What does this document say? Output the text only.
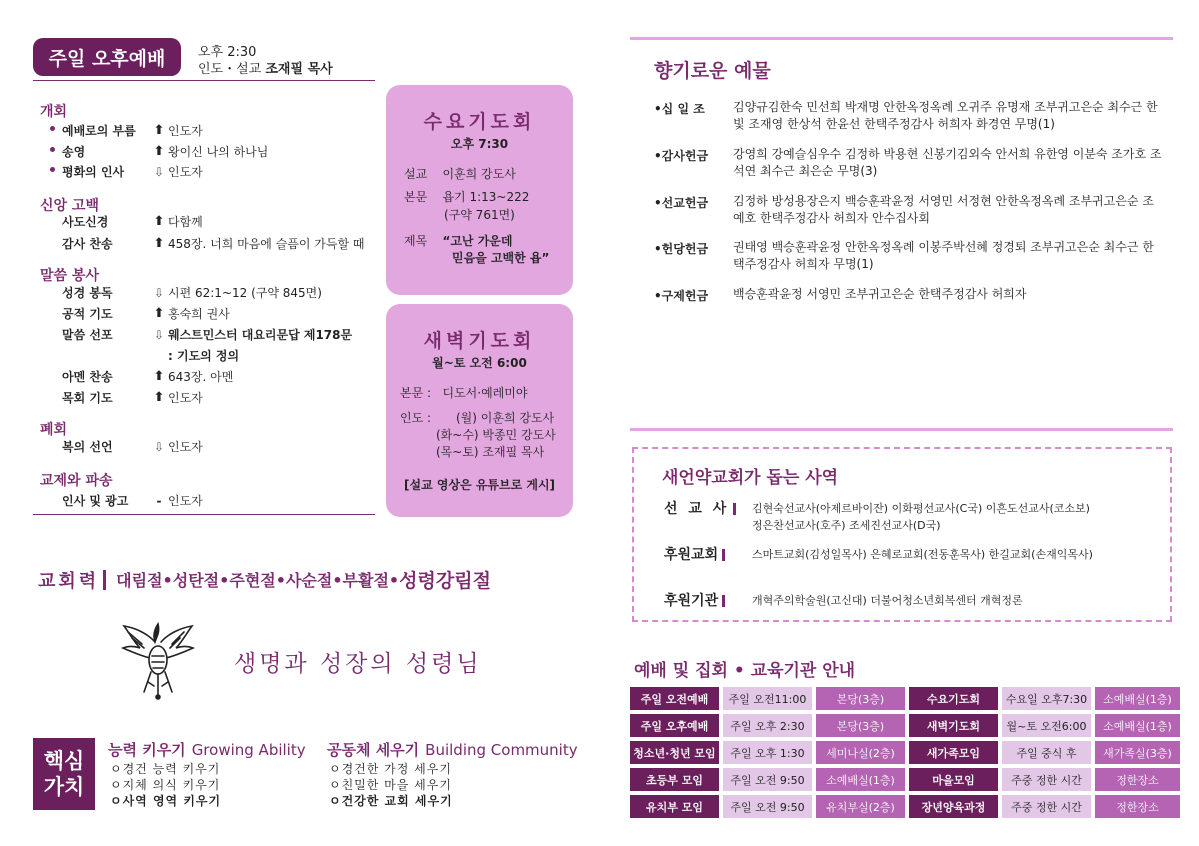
주일 오후예배	오후 2:30
인도・설교 조재필 목사
개회
예배로의 부름	⬆ 인도자
송영	⬆ 왕이신 나의 하나님
평화의 인사	⇩ 인도자
신앙 고백
사도신경	⬆ 다함께
감사 찬송	⬆ 458장. 너희 마음에 슬픔이 가득할 때
말씀 봉사
성경 봉독	⇩ 시편 62:1~12 (구약 845면)
공적 기도	⬆ 홍숙희 권사
말씀 선포	⇩ 웨스트민스터 대요리문답 제178문
: 기도의 정의
아멘 찬송	⬆ 643장. 아멘
목회 기도	⬆ 인도자
폐회
복의 선언	⇩ 인도자
교제와 파송
인사 및 광고	- 인도자
수요기도회
오후 7:30
설교 이훈희 강도사
본문 욥기 1:13~222
(구약 761면)
제목 “고난 가운데
믿음을 고백한 욥”
새벽기도회
월~토 오전 6:00
본문 : 디도서·예레미야
인도 : (월) 이훈희 강도사
(화~수) 박종민 강도사
(목~토) 조재필 목사
[설교 영상은 유튜브로 게시]
교회력 대림절•성탄절•주현절•사순절•부활절• 성령강림절
생명과 성장의 성령님
핵심
가치
능력 키우기 Growing Ability
ㅇ경건 능력 키우기
ㅇ지체 의식 키우기
ㅇ사역 영역 키우기
공동체 세우기 Building Community
ㅇ경건한 가정 세우기
ㅇ친밀한 마을 세우기
ㅇ건강한 교회 세우기
향기로운 예물
•십 일 조 김양규김한숙 민선희 박재명 안한옥정옥례 오귀주 유명재 조부귀고은순 최수근 한빛 조재영 한상석 한윤선 한택주정감사 허희자 화경연 무명(1)
•감사헌금 강영희 강예슬심우수 김정하 박용현 신봉기김외숙 안서희 유한영 이분숙 조가호 조석연 최수근 최은순 무명(3)
•선교헌금 김정하 방성용장은지 백승훈곽윤정 서영민 서정현 안한옥정옥례 조부귀고은순 조예호 한택주정감사 허희자 안수집사회
•헌당헌금 권태영 백승훈곽윤정 안한옥정옥례 이봉주박선혜 정경퇴 조부귀고은순 최수근 한택주정감사 허희자 무명(1)
•구제헌금 백승훈곽윤정 서영민 조부귀고은순 한택주정감사 허희자
새언약교회가 돕는 사역
선 교 사	김현숙선교사(아제르바이잔) 이화평선교사(C국) 이흔도선교사(코소보)
정은찬선교사(호주) 조세진선교사(D국)
후원교회	스마트교회(김성일목사) 은혜로교회(전동훈목사) 한길교회(손재익목사)
후원기관	개혁주의학술원(고신대) 더불어청소년회복센터 개혁정론
예배 및 집회 • 교육기관 안내
주일 오전예배	주일 오전11:00	본당(3층)	수요기도회	수요일 오후7:30	소예배실(1층)
주일 오후예배	주일 오후 2:30	본당(3층)	새벽기도회	월~토 오전6:00	소예배실(1층)
청소년·청년 모임	주일 오후 1:30	세미나실(2층)	새가족모임	주일 중식 후	새가족실(3층)
초등부 모임	주일 오전 9:50	소예배실(1층)	마을모임	주중 정한 시간	정한장소
유치부 모임	주일 오전 9:50	유치부실(2층)	장년양육과정	주중 정한 시간	정한장소
